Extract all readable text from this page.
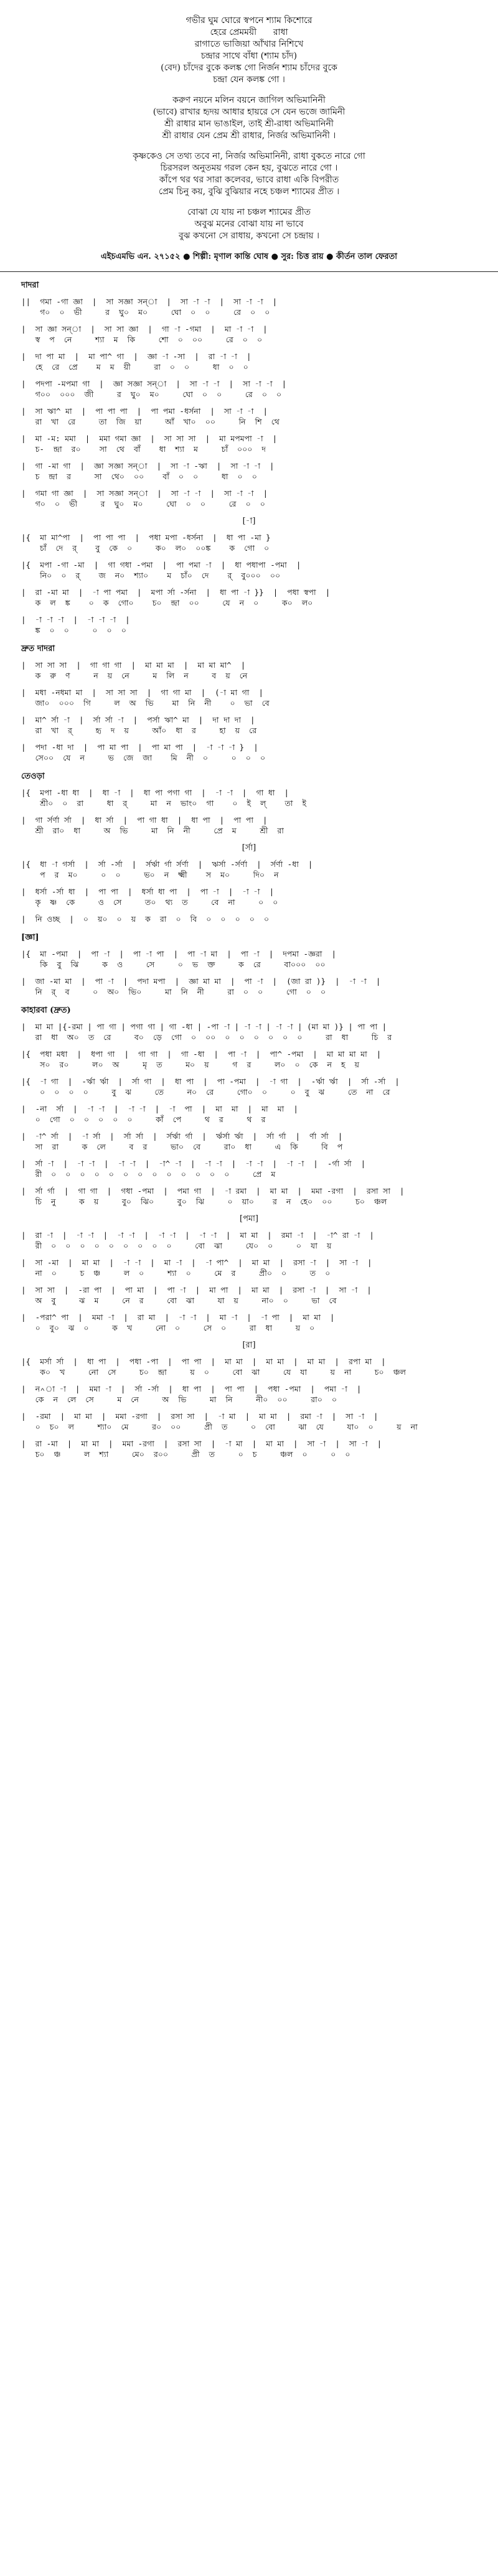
গভীর ঘুম ঘোরে স্বপনে শ্যাম কিশোরে
হেরে প্রেমময়ী      রাধা
রাগাতে ভাজিয়া আঁখার নিশিখে
চন্দ্রার সাথে বাঁধা (শ্যাম চাঁদ)
(বেদ) চাঁদের বুকে কলঙ্ক গো নির্জন শ্যাম চাঁদের বুকে
চন্দ্রা যেন কলঙ্ক গো ।
করুণ নয়নে মলিন বয়নে জাগিল অভিমানিনী
(ভাবে) রাখার হৃদয় আধার হায়রে সে যেন ভজে জামিনী
শ্রী রাধার মান ভাঙাইল, তাই শ্রী-রাধা অভিমানিনী
শ্রী রাধার যেন প্রেম শ্রী রাধার, নির্জর অভিমানিনী ।
কৃষ্ণকেও সে তথ্য তবে না, নির্জর অভিমানিনী, রাধা বুকতে নারে গো
চিরসরল অনুতময় গরল কেন হয়, বুঝতে নারে গো ।
কাঁপে থর থর সারা কলেবর, ভাবে রাধা একি বিপরীত
প্রেম চিনু কয়, বুঝি বুঝিয়ার নহে চঞ্চল শ্যামের প্রীত ।
বোঝা যে যায় না চঞ্চল শ্যামের প্রীত
অবুঝ মনের বোঝা যায় না ভাবে
বুঝ কখনো সে রাধায়, কখনো সে চন্দ্রায় ।
এইচএমভি এন. ২৭১৫২ ● শিল্পী: মৃণাল কান্তি ঘোষ ● সুর: চিত্ত রায় ● কীর্তন তাল ফেরতা
দাদরা
||  গমা -গা জ্ঞা  |  সা সজ্ঞা সন্‌া  |  সা -া -া  |  সা -া -া  |
গ০  ০  ভী     র  ঘু০  ম০     ঘো  ০  ০     রে  ০  ০
|  সা জ্ঞা সন্‌া  |  সা সা জ্ঞা  |  গা -া -গমা  |  মা -া -া  |
স্ব  প  নে     শ্যা  ম  কি     শো  ০  ০০     রে  ০  ০
|  দা পা মা  |  মা পা^ গা  |  জ্ঞা -া -সা  |  রা -া -া  |
হে  রে  প্রে    ম  ম  য়ী     রা  ০  ০     ধা  ০  ০
|  পদপা -মপমা গা  |  জ্ঞা সজ্ঞা সন্‌া  |  সা -া -া  |  সা -া -া  |
গ০০  ০০০  জী     র  ঘু০  ম০     ঘো  ০  ০     রে  ০  ০
|  সা ঋা^ মা  |  পা পা পা  |  পা পমা -ধর্সনা  |  সা -া -া  |
রা  খা  রে     তা  জি  য়া     আঁ  খা০  ০০     নি  শি  থে
|  মা -ম: মমা  |  মমা গমা জ্ঞা  |  সা সা সা  |  মা মপমপা -া  |
চ-  ন্দ্রা  র০    সা  থে  বাঁ    ধা  শ্যা  ম     চাঁ  ০০০  দ
|  গা -মা গা  |  জ্ঞা সজ্ঞা সন্‌া  |  সা -া -ঋা  |  সা -া -া  |
চ  ন্দ্রা  র     সা  থে০  ০০    বাঁ  ০  ০     ধা  ০  ০
|  গমা গা জ্ঞা  |  সা সজ্ঞা সন্‌া  |  সা -া -া  |  সা -া -া  |
গ০  ০  ভী     র  ঘু০  ম০     ঘো  ০  ০     রে  ০  ০
[-া]
|{  মা মা^পা  |  পা পা পা  |  পধা মপা -ধর্সনা  |  ধা পা -মা }
চাঁ  দে  র্    বু  কে  ০     ক০  ল০  ০০ঙ্ক    ক  গো  ০
|{  মপা -গা -মা  |  গা গধা -পমা  |  পা পমা -া  |  ধা পধাপা -পমা  |
নি০  ০  র্    জ  ন০  শ্যা০    ম  চাঁ০  দে    র্  বু০০০  ০০
|  রা -মা মা  |  -া পা পমা  |  মপা র্সা -র্সনা  |  ধা পা -া }}  |  পধা স্বপা  |
ক  ল  ঙ্ক    ০  ক  গো০    চ০  ন্দ্রা  ০০     যে  ন  ০     ক০  ল০
|  -া -া -া  |  -া -া -া  |
ঙ্ক  ০  ০     ০  ০  ০
দ্রুত দাদরা
|  সা সা সা  |  গা গা গা  |  মা মা মা  |  মা মা মা^  |
ক  রু  ণ     ন  য়  নে     ম  লি  ন     ব  য়  নে
|  মধা -নধমা মা  |  সা সা সা  |  গা গা মা  |  (-া মা গা  |
জা০  ০০০  গি     ল  অ  ভি    মা  নি  নী    ০  ভা  বে
|  মা^ র্সা -া  |  র্সা র্সা -া  |  পর্সা ঋা^ মা  |  দা দা দা  |
রা  খা  র্     হৃ  দ  য়     আঁ০  ধা  র     হা  য়  রে
|  পদা -ধা দা  |  পা মা পা  |  পা মা পা  |  -া -া -া }  |
সে০০  যে  ন     ভ  জে  জা    মি  নী  ০     ০  ০  ০
তেওড়া
|{  মপা -ধা ধা  |  ধা -া  |  ধা পা পগা গা  |  -া -া  |  গা ধা  |
শ্রী০  ০  রা     ধা  র্     মা  ন  ভাং০  গা    ০  ই  ল্    তা  ই
|  গা র্সর্ণা র্সা  |  ধা র্সা  |  পা গা ধা  |  ধা পা  |  পা পা  |
শ্রী  রা০  ধা     অ  ভি     মা  নি  নী     প্রে  ম     শ্রী  রা
[র্সা]
|{  ধা -া গর্সা  |  র্সা -র্সা  |  র্সর্ঋা র্গা র্সর্ণা  |  ঋর্সা -র্সর্ণা  |  র্সর্ণা -ধা  |
প  র  ম০     ০  ০     ভ০  ন  ক্ষ্মী    স  ম০     দি০  ন
|  ধর্সা -র্সা ধা  |  পা পা  |  ধর্সা ধা পা  |  পা -া  |  -া -া  |
কৃ  ষ্ণ  কে     ও  সে     ত০  থ্য  ত     বে  না     ০  ০
|  নি ওচ্ছ  |  ০  য়০  ০  য়  ক  রা  ০  বি  ০  ০  ০  ০  ০
[জ্ঞা]
|{  মা -পমা  |  পা -া  |  পা -া পা  |  পা -া মা  |  পা -া  |  দপমা -জ্ঞরা  |
কি  বু  ঝি     ক  ও     সে     ০  ভ  ক্ত     ক  রে     বা০০০  ০০
|  জা -মা মা  |  পা -া  |  পদা মপা  |  জ্ঞা মা মা  |  পা -া  |  (জা রা )}  |  -া -া  |
নি  র্  ব     ০  অ০  ভি০     মা  নি  নী     রা  ০  ০     গো  ০  ০
কাহারবা (দ্রুত)
|  মা মা |{-রমা | পা গা | পগা গা | গা -ধা | -পা -া | -া -া | -া -া | (মা মা )} | পা পা |
রা  ধা  অ০  ত  রে     ব০  ড়ে  গো  ০  ০০  ০  ০  ০  ০  ০  ০     রা  ধা     চি  র
|{  পধা মধা  |  ধপা গা  |  গা গা  |  গা -ধা  |  পা -া  |  পা^ -পমা  |  মা মা মা মা  |
স০  র০     ল০  অ     মৃ  ত     ম০  য়     গ  র     ল০  ০  কে  ন  হ  য়
|{  -া গা  |  -র্ঋা র্ঋা  |  র্সা গা  |  ধা পা  |  পা -পমা  |  -া গা  |  -র্ঋা র্ঋা  |  র্সা -র্সা  |
০  ০  ০  ০     বু  ঝ     তে     ন০  রে     গো০  ০     ০  বু  ঝ     তে  না  রে
|  -না  র্সা  |  -া -া  |  -া -া  |  -া  পা  |  মা  মা  |  মা  মা  |
০  গো  ০  ০  ০  ০  ০     কাঁ  পে     থ  র     থ  র
|  -া^ র্সা  |  -া র্সা  |  র্সা র্সা  |  র্সর্ঋা র্গা  |  র্ঋর্সা র্ঋা  |  র্সা র্গা  |  র্ণা র্সা  |
সা  রা     ক  লে     ব  র     ভা০  বে     রা০  ধা     এ  কি     বি  প
|  র্সা -া  |  -া -া  |  -া -া  |  -া^ -া  |  -া -া  |  -া -া  |  -া -া  |  -র্গা র্সা  |
রী  ০  ০  ০  ০  ০  ০  ০  ০  ০  ০  ০  ০  ০     প্রে  ম
|  র্সা র্গা  |  গা গা  |  গধা -পমা  |  পমা গা  |  -া রমা  |  মা মা  |  মমা -রগা  |  রসা সা  |
চি  নু     ক  য়     বু০  ঝি০     বু০  ঝি     ০  য়া০    র  ন  হে০  ০০     চ০  ঞ্চল
[পমা]
|  রা -া  |  -া -া  |  -া -া  |  -া -া  |  -া -া  |  মা মা  |  রমা -া  |  -া^ রা -া  |
রী  ০  ০  ০  ০  ০  ০  ০  ০  ০     বো  ঝা     যে০  ০     ০  যা  য়
|  সা -মা  |  মা মা  |  -া -া  |  মা -া  |  -া পা^  |  মা মা  |  রসা -া  |  সা -া  |
না  ০     চ  ঞ্চ     ল  ০     শ্যা  ০     মে  র     প্রী০  ০     ত  ০
|  সা সা  |  -রা পা  |  পা মা  |  পা -া  |  মা পা  |  মা মা  |  রসা -া  |  সা -া  |
অ  বু     ঝ  ম     নে  র     বো  ঝা     যা  য়     না০  ০     ভা  বে
|  -পরা^ পা  |  মমা -া  |  রা মা  |  -া -া  |  মা -া  |  -া পা  |  মা মা  |
০  বু০  ঝ  ০     ক  খ     নো  ০     সে  ০     রা  ধা     য়  ০
[রা]
|{  মর্সা র্সা  |  ধা পা  |  পধা -পা  |  পা পা  |  মা মা  |  মা মা  |  মা মা  |  রপা মা  |
ক০  খ     নো  সে     চ০  ন্দ্রা     য়  ০     বো  ঝা     যে  যা     য়  না     চ০  ঞ্চল
|  ন^া -া  |  মমা -া  |  র্সা -র্সা  |  ধা পা  |  পা পা  |  পধা -পমা  |  পমা -া  |
কে  ন  লে  সে     ম  নে     অ  ভি     মা  নি     নী০  ০০     রা০  ০
|  -রমা  |  মা মা  |  মমা -রগা  |  রসা সা  |  -া মা  |  মা মা  |  রমা -া  |  সা -া  |
০  চ০  ল     শ্যা০  মে     র০  ০০     প্রী  ত     ০  বো     ঝা  যে     যা০  ০     য়  না
|  রা -মা  |  মা মা  |  মমা -রগা  |  রসা সা  |  -া মা  |  মা মা  |  সা -া  |  সা -া  |
চ০  ঞ্চ     ল  শ্যা     মে০  র০০     প্রী  ত     ০  চ     ঞ্চল  ০     ০  ০
